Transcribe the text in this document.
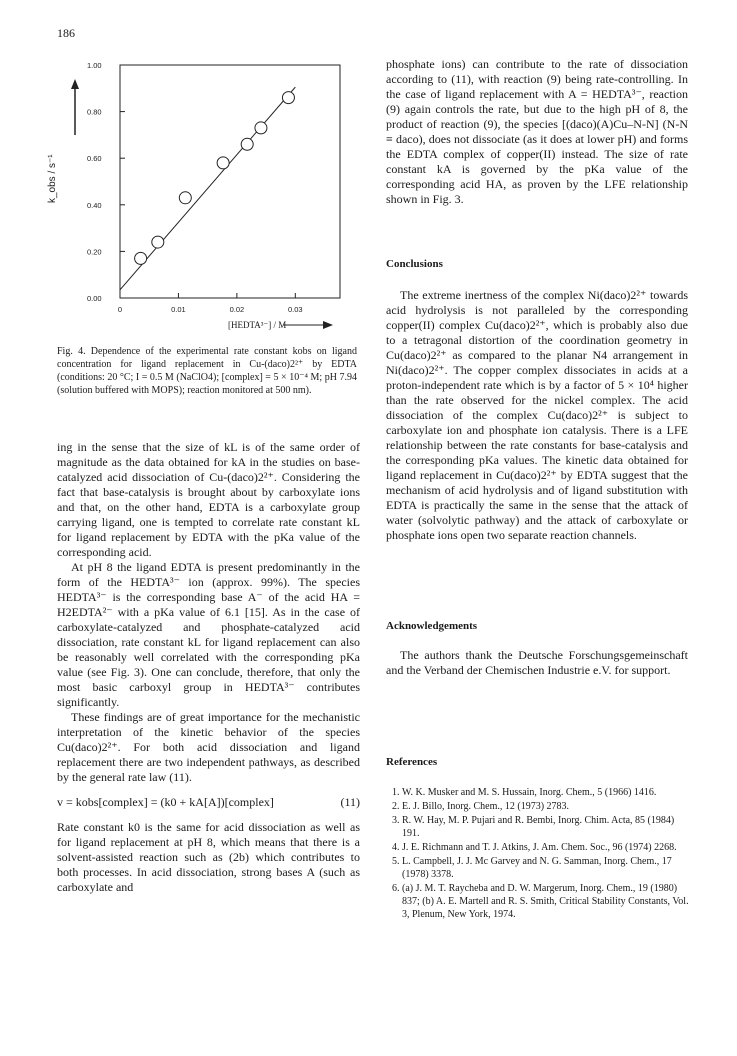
186
0.00
0.20
0.40
0.60
0.80
1.00
0	0.01	0.02	0.03
k_obs / s⁻¹
[HEDTA³⁻] / M
Fig. 4. Dependence of the experimental rate constant kobs on ligand concentration for ligand replacement in Cu-(daco)2²⁺ by EDTA (conditions: 20 °C; I = 0.5 M (NaClO4); [complex] = 5 × 10⁻⁴ M; pH 7.94 (solution buffered with MOPS); reaction monitored at 500 nm).

ing in the sense that the size of kL is of the same order of magnitude as the data obtained for kA in the studies on base-catalyzed acid dissociation of Cu-(daco)2²⁺. Considering the fact that base-catalysis is brought about by carboxylate ions and that, on the other hand, EDTA is a carboxylate group carrying ligand, one is tempted to correlate rate constant kL for ligand replacement by EDTA with the pKa value of the corresponding acid.

At pH 8 the ligand EDTA is present predominantly in the form of the HEDTA³⁻ ion (approx. 99%). The species HEDTA³⁻ is the corresponding base A⁻ of the acid HA = H2EDTA²⁻ with a pKa value of 6.1 [15]. As in the case of carboxylate-catalyzed and phosphate-catalyzed acid dissociation, rate constant kL for ligand replacement can also be reasonably well correlated with the corresponding pKa value (see Fig. 3). One can conclude, therefore, that only the most basic carboxyl group in HEDTA³⁻ contributes significantly.

These findings are of great importance for the mechanistic interpretation of the kinetic behavior of the species Cu(daco)2²⁺. For both acid dissociation and ligand replacement there are two independent pathways, as described by the general rate law (11).

v = kobs[complex] = (k0 + kA[A])[complex]	(11)

Rate constant k0 is the same for acid dissociation as well as for ligand replacement at pH 8, which means that there is a solvent-assisted reaction such as (2b) which contributes to both processes. In acid dissociation, strong bases A (such as carboxylate and

phosphate ions) can contribute to the rate of dissociation according to (11), with reaction (9) being rate-controlling. In the case of ligand replacement with A = HEDTA³⁻, reaction (9) again controls the rate, but due to the high pH of 8, the product of reaction (9), the species [(daco)(A)Cu–N-N] (N-N ≡ daco), does not dissociate (as it does at lower pH) and forms the EDTA complex of copper(II) instead. The size of rate constant kA is governed by the pKa value of the corresponding acid HA, as proven by the LFE relationship shown in Fig. 3.

Conclusions

The extreme inertness of the complex Ni(daco)2²⁺ towards acid hydrolysis is not paralleled by the corresponding copper(II) complex Cu(daco)2²⁺, which is probably also due to a tetragonal distortion of the coordination geometry in Cu(daco)2²⁺ as compared to the planar N4 arrangement in Ni(daco)2²⁺. The copper complex dissociates in acids at a proton-independent rate which is by a factor of 5 × 10⁴ higher than the rate observed for the nickel complex. The acid dissociation of the complex Cu(daco)2²⁺ is subject to carboxylate ion and phosphate ion catalysis. There is a LFE relationship between the rate constants for base-catalysis and the corresponding pKa values. The kinetic data obtained for ligand replacement in Cu(daco)2²⁺ by EDTA suggest that the mechanism of acid hydrolysis and of ligand substitution with EDTA is practically the same in the sense that the attack of water (solvolytic pathway) and the attack of carboxylate or phosphate ions open two separate reaction channels.

Acknowledgements

The authors thank the Deutsche Forschungsgemeinschaft and the Verband der Chemischen Industrie e.V. for support.

References
1. W. K. Musker and M. S. Hussain, Inorg. Chem., 5 (1966) 1416.
2. E. J. Billo, Inorg. Chem., 12 (1973) 2783.
3. R. W. Hay, M. P. Pujari and R. Bembi, Inorg. Chim. Acta, 85 (1984) 191.
4. J. E. Richmann and T. J. Atkins, J. Am. Chem. Soc., 96 (1974) 2268.
5. L. Campbell, J. J. Mc Garvey and N. G. Samman, Inorg. Chem., 17 (1978) 3378.
6. (a) J. M. T. Raycheba and D. W. Margerum, Inorg. Chem., 19 (1980) 837; (b) A. E. Martell and R. S. Smith, Critical Stability Constants, Vol. 3, Plenum, New York, 1974.
